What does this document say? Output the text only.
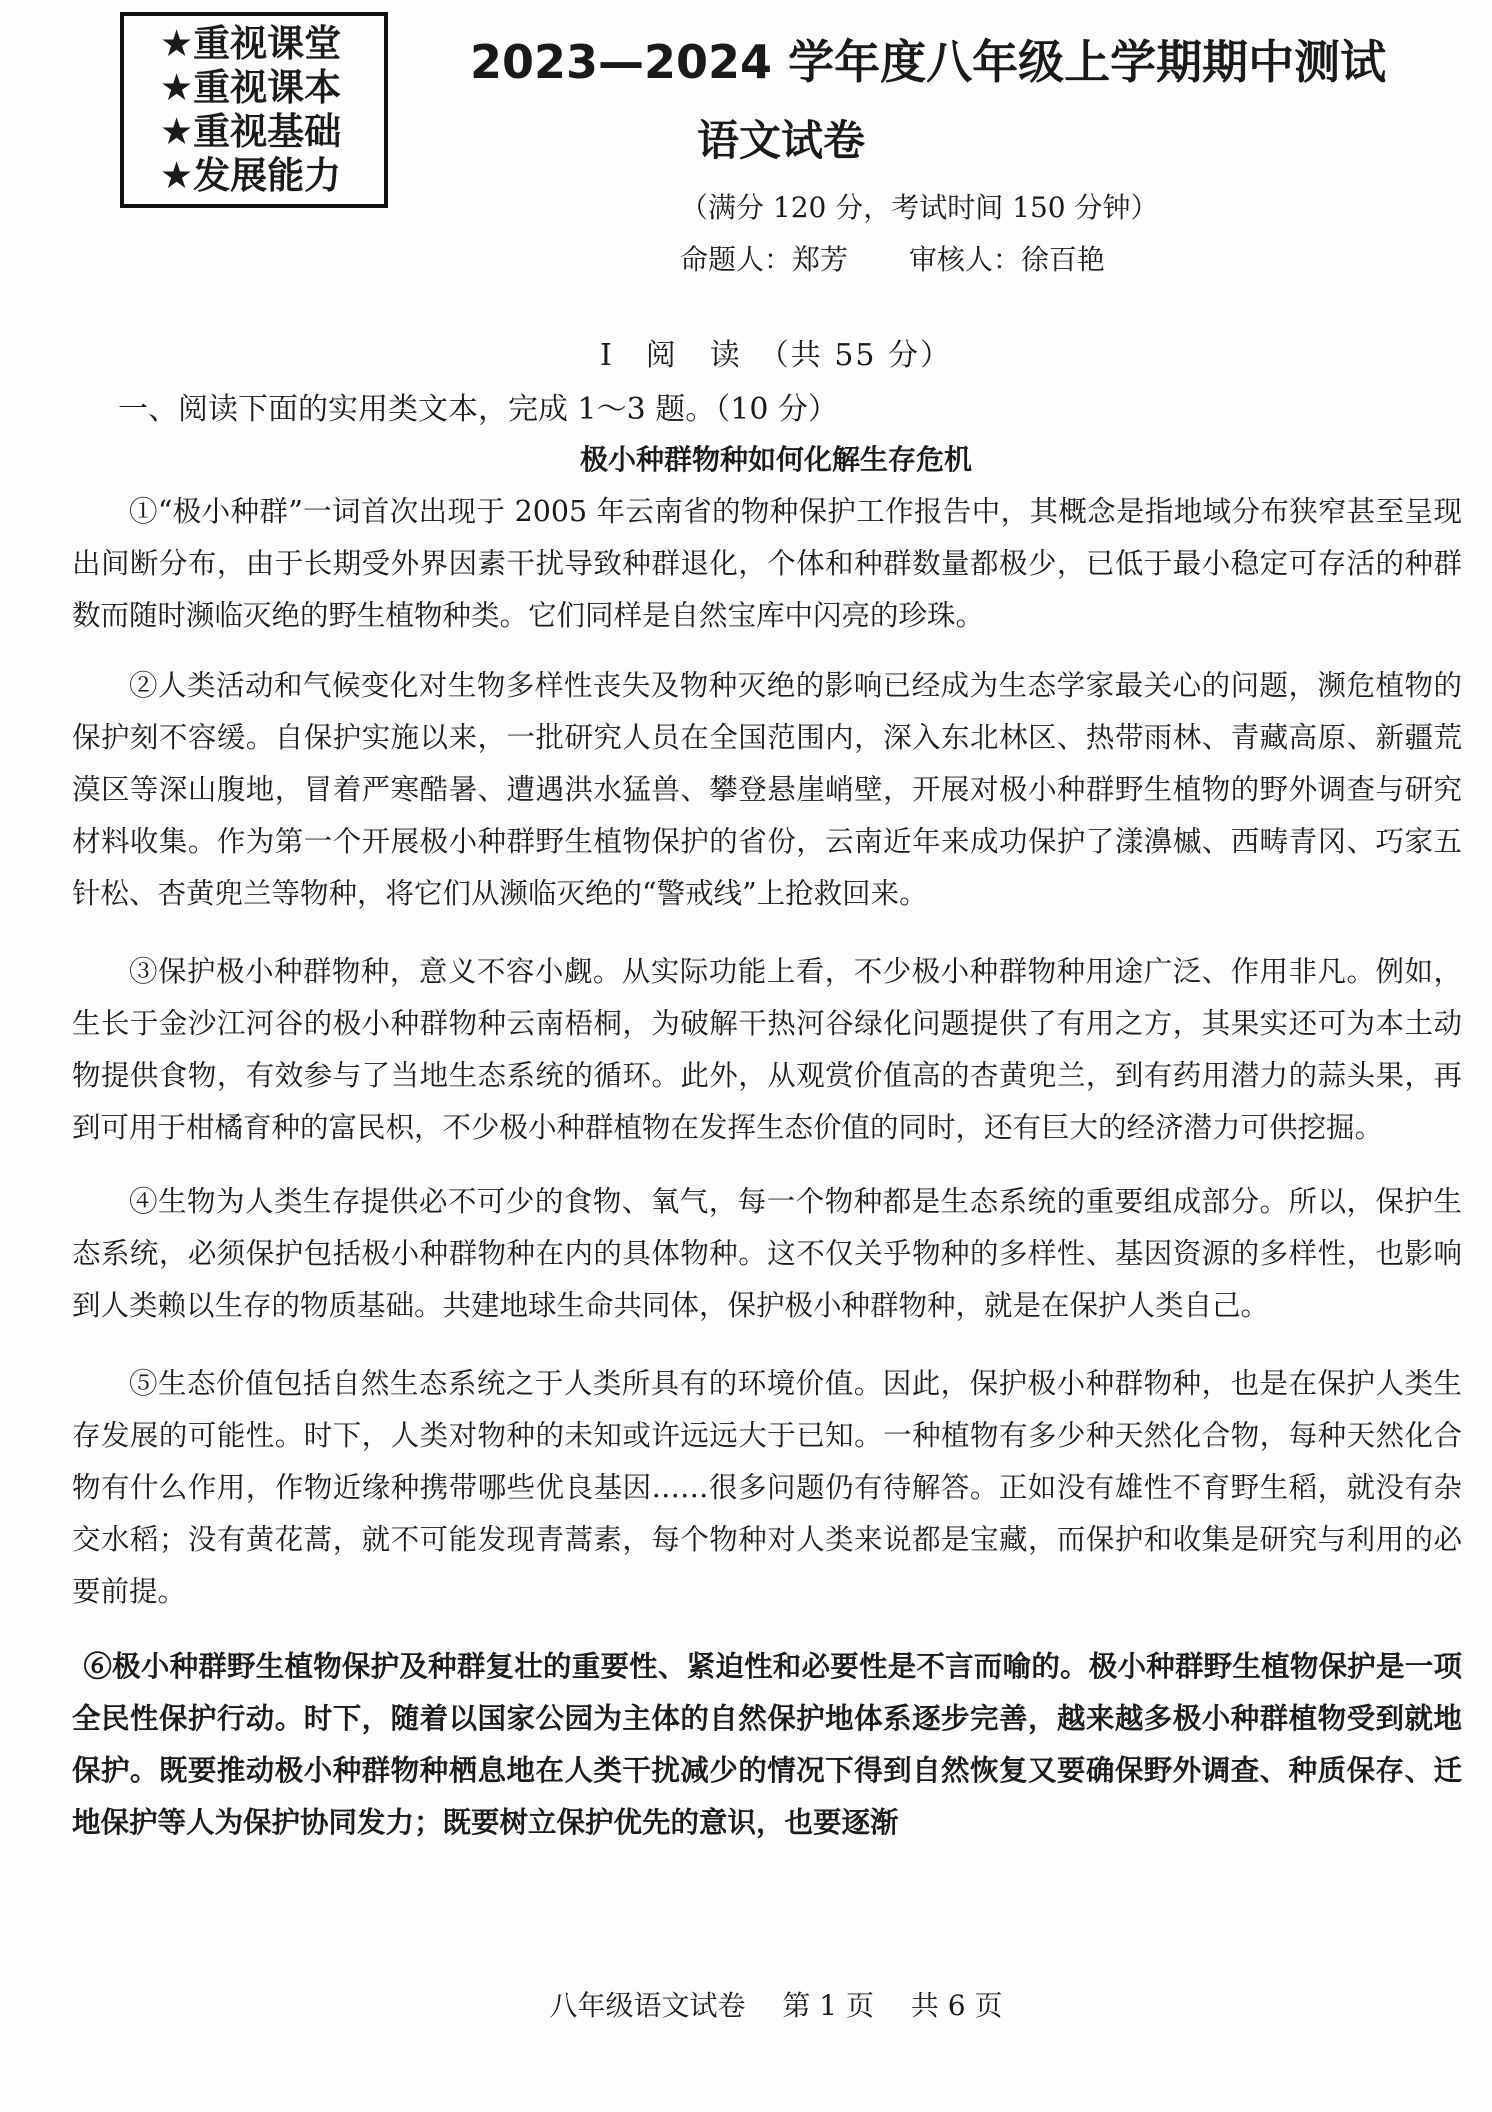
★重视课堂
★重视课本
★重视基础
★发展能力
2023—2024 学年度八年级上学期期中测试
语文试卷
（满分 120 分，考试时间 150 分钟）
命题人：郑芳 审核人：徐百艳
Ⅰ　阅　读　（共 55 分）
一、阅读下面的实用类文本，完成 1～3 题。（10 分）
极小种群物种如何化解生存危机

①“极小种群”一词首次出现于 2005 年云南省的物种保护工作报告中，其概念是指地域分布狭窄甚至呈现出间断分布，由于长期受外界因素干扰导致种群退化，个体和种群数量都极少，已低于最小稳定可存活的种群数而随时濒临灭绝的野生植物种类。它们同样是自然宝库中闪亮的珍珠。

②人类活动和气候变化对生物多样性丧失及物种灭绝的影响已经成为生态学家最关心的问题，濒危植物的保护刻不容缓。自保护实施以来，一批研究人员在全国范围内，深入东北林区、热带雨林、青藏高原、新疆荒漠区等深山腹地，冒着严寒酷暑、遭遇洪水猛兽、攀登悬崖峭壁，开展对极小种群野生植物的野外调查与研究材料收集。作为第一个开展极小种群野生植物保护的省份，云南近年来成功保护了漾濞槭、西畴青冈、巧家五针松、杏黄兜兰等物种，将它们从濒临灭绝的“警戒线”上抢救回来。

③保护极小种群物种，意义不容小觑。从实际功能上看，不少极小种群物种用途广泛、作用非凡。例如，生长于金沙江河谷的极小种群物种云南梧桐，为破解干热河谷绿化问题提供了有用之方，其果实还可为本土动物提供食物，有效参与了当地生态系统的循环。此外，从观赏价值高的杏黄兜兰，到有药用潜力的蒜头果，再到可用于柑橘育种的富民枳，不少极小种群植物在发挥生态价值的同时，还有巨大的经济潜力可供挖掘。

④生物为人类生存提供必不可少的食物、氧气，每一个物种都是生态系统的重要组成部分。所以，保护生态系统，必须保护包括极小种群物种在内的具体物种。这不仅关乎物种的多样性、基因资源的多样性，也影响到人类赖以生存的物质基础。共建地球生命共同体，保护极小种群物种，就是在保护人类自己。

⑤生态价值包括自然生态系统之于人类所具有的环境价值。因此，保护极小种群物种，也是在保护人类生存发展的可能性。时下，人类对物种的未知或许远远大于已知。一种植物有多少种天然化合物，每种天然化合物有什么作用，作物近缘种携带哪些优良基因……很多问题仍有待解答。正如没有雄性不育野生稻，就没有杂交水稻；没有黄花蒿，就不可能发现青蒿素，每个物种对人类来说都是宝藏，而保护和收集是研究与利用的必要前提。

⑥极小种群野生植物保护及种群复壮的重要性、紧迫性和必要性是不言而喻的。极小种群野生植物保护是一项全民性保护行动。时下，随着以国家公园为主体的自然保护地体系逐步完善，越来越多极小种群植物受到就地保护。既要推动极小种群物种栖息地在人类干扰减少的情况下得到自然恢复又要确保野外调查、种质保存、迁地保护等人为保护协同发力；既要树立保护优先的意识，也要逐渐

八年级语文试卷 第 1 页 共 6 页
